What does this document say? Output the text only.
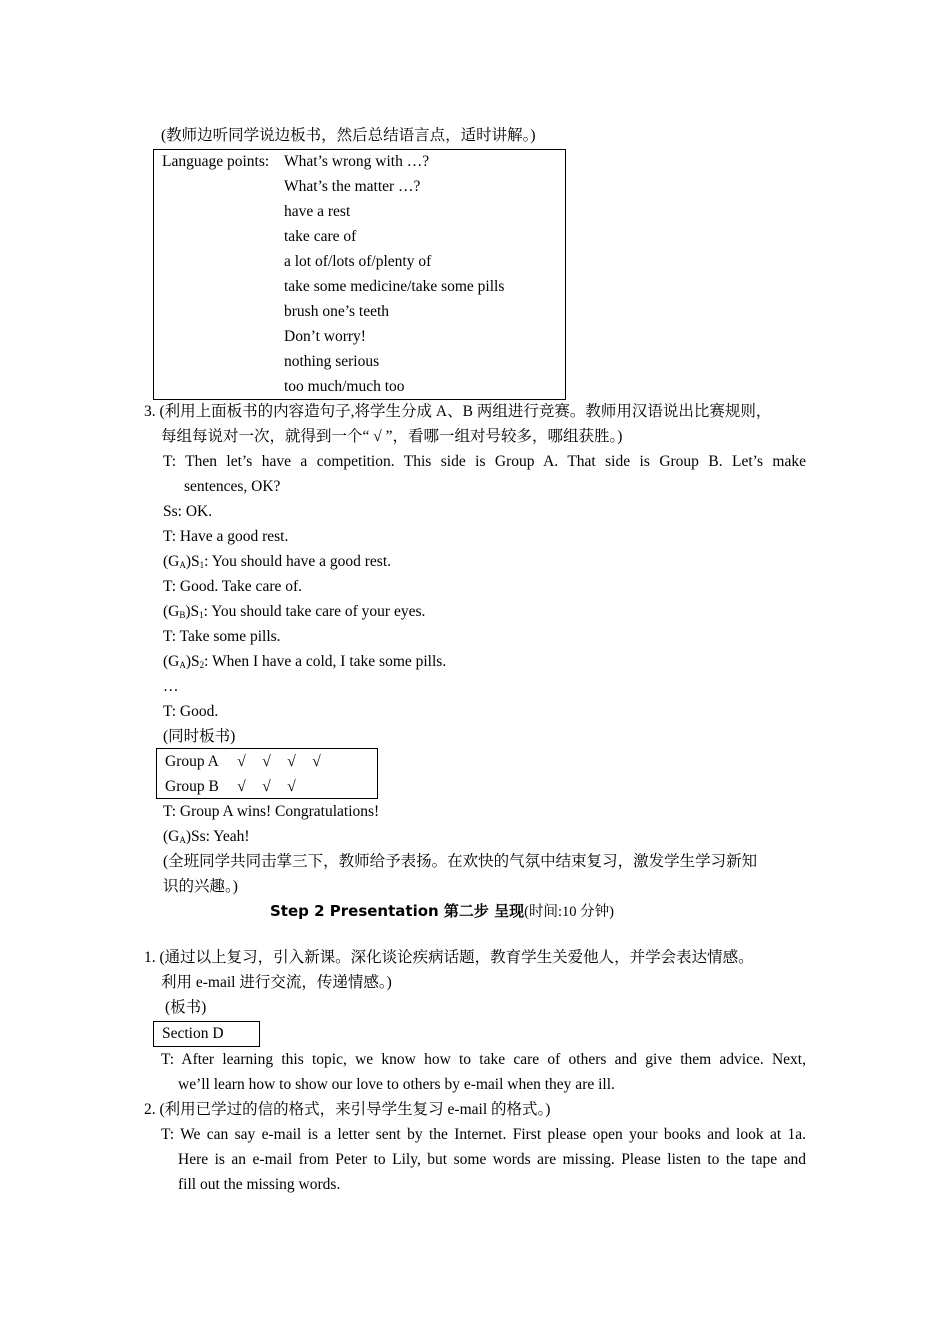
(教师边听同学说边板书，然后总结语言点，适时讲解。)
Language points: What’s wrong with …?
What’s the matter …?
have a rest
take care of
a lot of/lots of/plenty of
take some medicine/take some pills
brush one’s teeth
Don’t worry!
nothing serious
too much/much too
3. (利用上面板书的内容造句子,将学生分成 A、B 两组进行竞赛。教师用汉语说出比赛规则，
每组每说对一次，就得到一个“ √ ”，看哪一组对号较多，哪组获胜。)
T: Then let’s have a competition. This side is Group A. That side is Group B. Let’s make
sentences, OK?
Ss: OK.
T: Have a good rest.
$(G_A)S_1$: You should have a good rest.
T: Good. Take care of.
$(G_B)S_1$: You should take care of your eyes.
T: Take some pills.
$(G_A)S_2$: When I have a cold, I take some pills.
…
T: Good.
(同时板书)
Group A	√ √ √ √
Group B	√ √ √
T: Group A wins! Congratulations!
$(G_A)Ss$: Yeah!
(全班同学共同击掌三下，教师给予表扬。在欢快的气氛中结束复习，激发学生学习新知
识的兴趣。)
Step 2 Presentation 第二步 呈现(时间:10 分钟)
1. (通过以上复习，引入新课。深化谈论疾病话题，教育学生关爱他人，并学会表达情感。
利用 e-mail 进行交流，传递情感。)
(板书)
Section D
T: After learning this topic, we know how to take care of others and give them advice. Next,
we’ll learn how to show our love to others by e-mail when they are ill.
2. (利用已学过的信的格式，来引导学生复习 e-mail 的格式。)
T: We can say e-mail is a letter sent by the Internet. First please open your books and look at 1a.
Here is an e-mail from Peter to Lily, but some words are missing. Please listen to the tape and
fill out the missing words.
